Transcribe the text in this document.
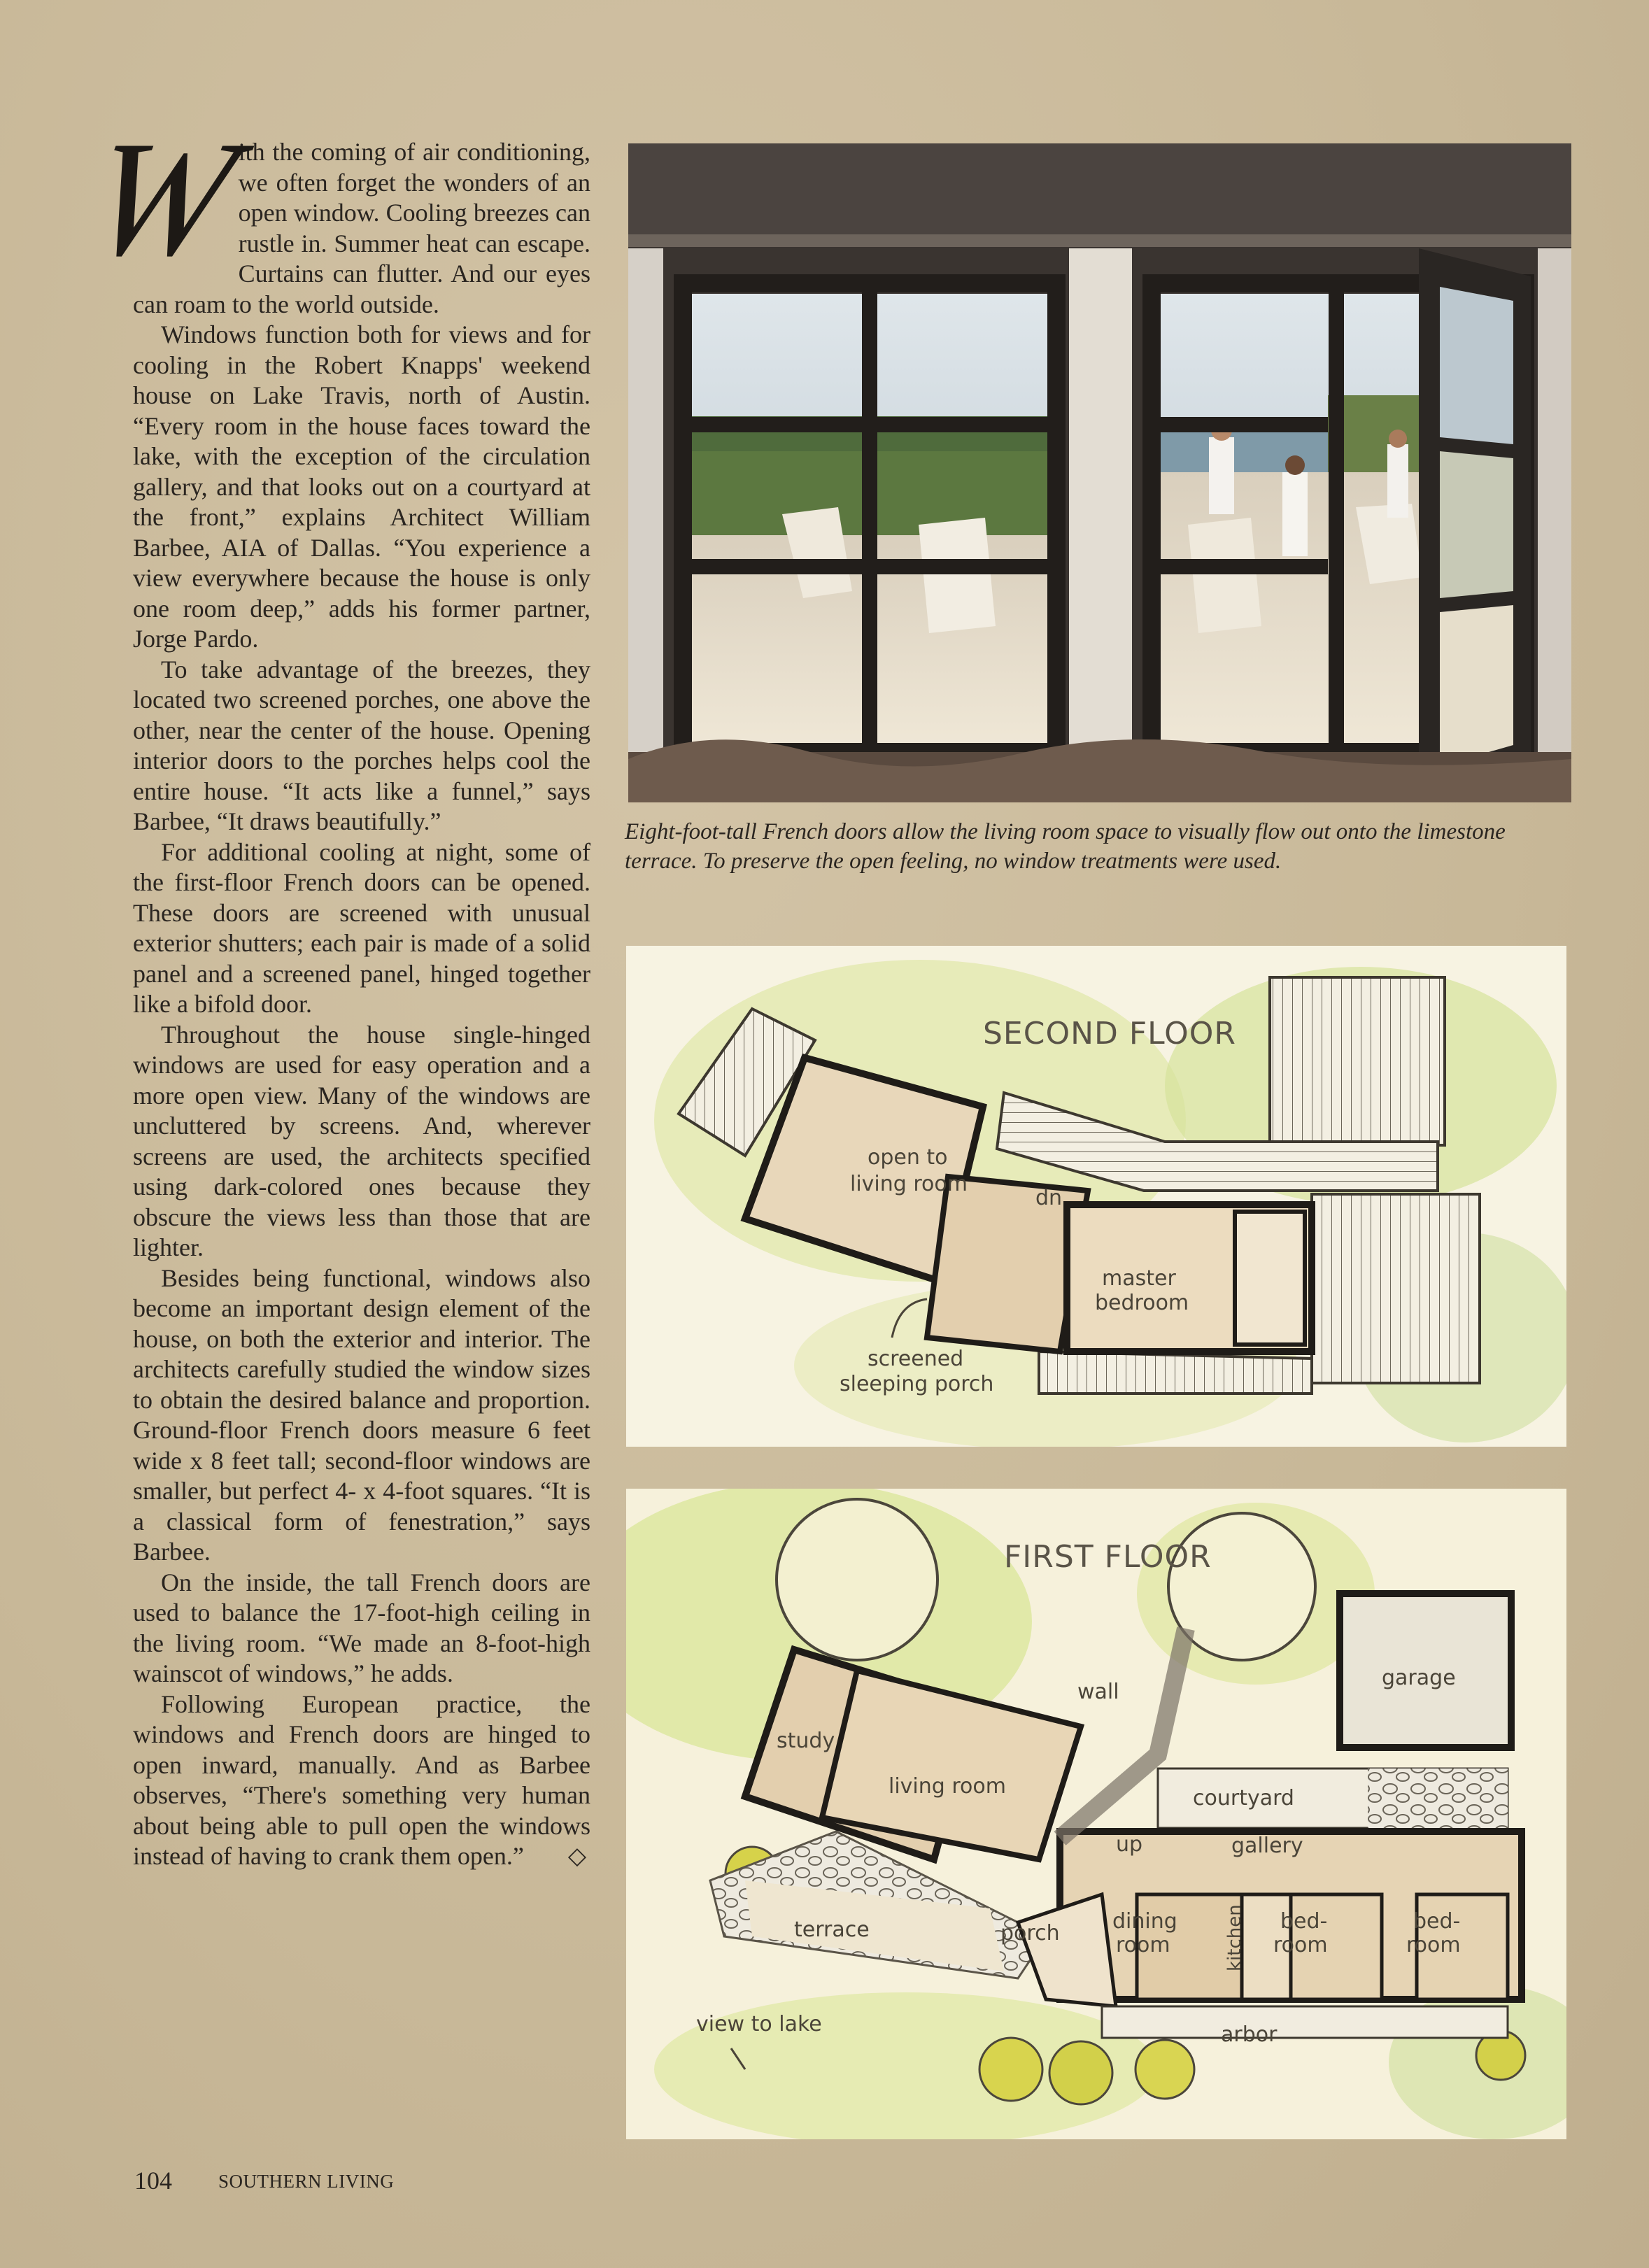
W
ith the coming of air conditioning, we often forget the wonders of an open window. Cooling breezes can rustle in. Summer heat can escape. Curtains can flutter. And our eyes can roam to the world outside.

Windows function both for views and for cooling in the Robert Knapps' weekend house on Lake Travis, north of Austin. “Every room in the house faces toward the lake, with the exception of the circulation gallery, and that looks out on a courtyard at the front,” explains Architect William Barbee, AIA of Dallas. “You experience a view everywhere because the house is only one room deep,” adds his former partner, Jorge Pardo.

To take advantage of the breezes, they located two screened porches, one above the other, near the center of the house. Opening interior doors to the porches helps cool the entire house. “It acts like a funnel,” says Barbee, “It draws beautifully.”

For additional cooling at night, some of the first-floor French doors can be opened. These doors are screened with unusual exterior shutters; each pair is made of a solid panel and a screened panel, hinged together like a bifold door.

Throughout the house single-hinged windows are used for easy operation and a more open view. Many of the windows are uncluttered by screens. And, wherever screens are used, the architects specified using dark-colored ones because they obscure the views less than those that are lighter.

Besides being functional, windows also become an important design element of the house, on both the exterior and interior. The architects carefully studied the window sizes to obtain the desired balance and proportion. Ground-floor French doors measure 6 feet wide x 8 feet tall; second-floor windows are smaller, but perfect 4- x 4-foot squares. “It is a classical form of fenestration,” says Barbee.

On the inside, the tall French doors are used to balance the 17-foot-high ceiling in the living room. “We made an 8-foot-high wainscot of windows,” he adds.

Following European practice, the windows and French doors are hinged to open inward, manually. And as Barbee observes, “There's something very human about being able to pull open the windows instead of having to crank them open.”	◇

Eight-foot-tall French doors allow the living room space to visually flow out onto the limestone terrace. To preserve the open feeling, no window treatments were used.
SECOND FLOOR
open to
living room
dn
master
bedroom
screened
sleeping porch
FIRST FLOOR
garage
wall
study
living room	courtyard
up	gallery
terrace	porch	dining
room	kitchen bed-
room
bed-
room
view to lake	arbor
104 SOUTHERN LIVING
